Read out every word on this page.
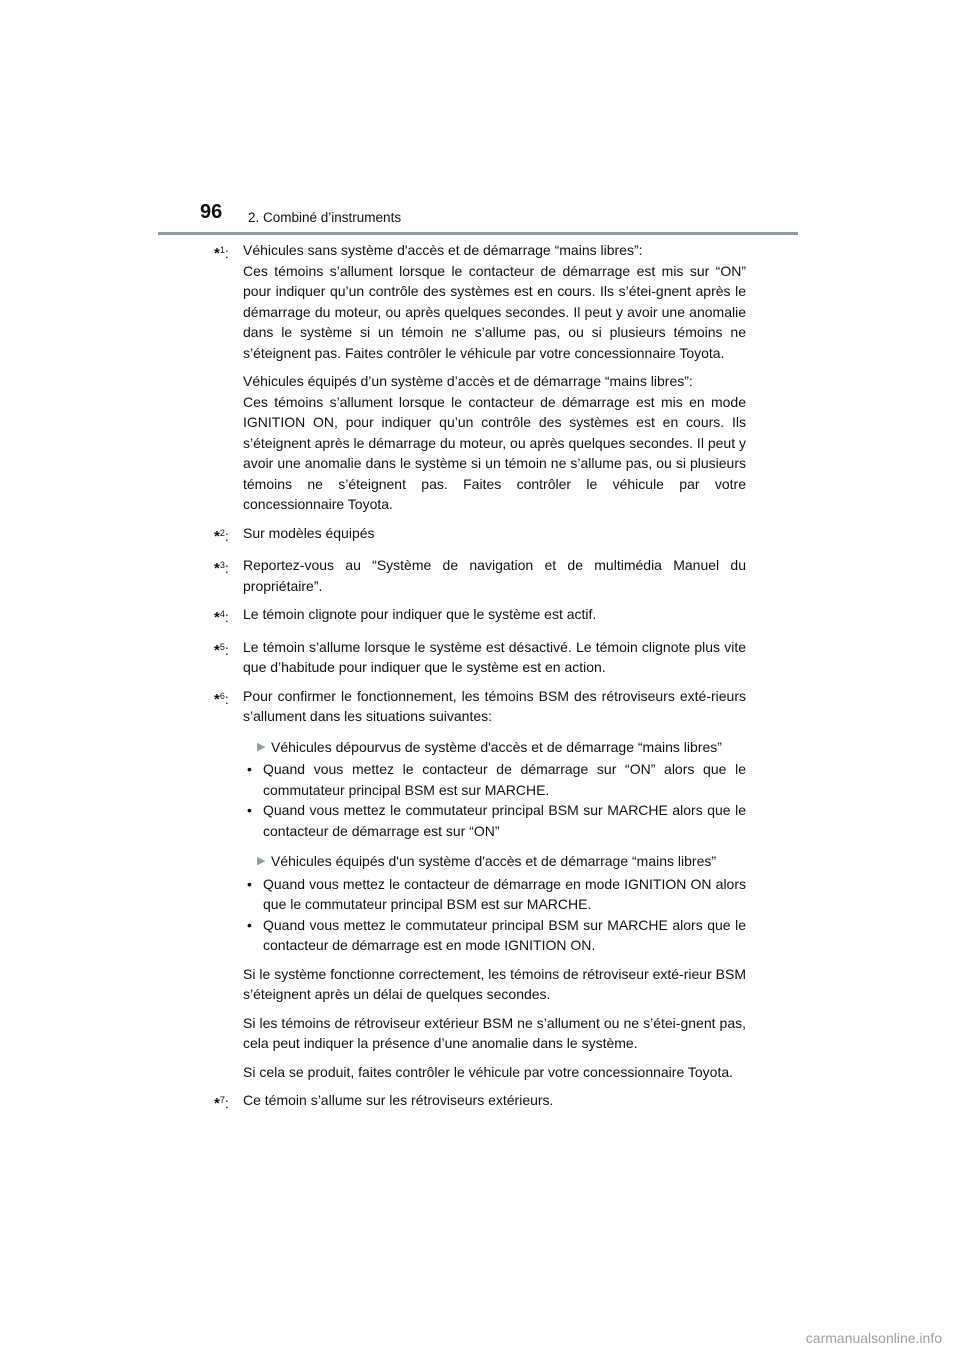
96 2. Combiné d’instruments
*$^1$:	Véhicules sans système d'accès et de démarrage “mains libres”:
Ces témoins s’allument lorsque le contacteur de démarrage est mis sur “ON” pour indiquer qu’un contrôle des systèmes est en cours. Ils s’étei-gnent après le démarrage du moteur, ou après quelques secondes. Il peut y avoir une anomalie dans le système si un témoin ne s’allume pas, ou si plusieurs témoins ne s’éteignent pas. Faites contrôler le véhicule par votre concessionnaire Toyota.

Véhicules équipés d’un système d’accès et de démarrage “mains libres”:
Ces témoins s’allument lorsque le contacteur de démarrage est mis en mode IGNITION ON, pour indiquer qu’un contrôle des systèmes est en cours. Ils s’éteignent après le démarrage du moteur, ou après quelques secondes. Il peut y avoir une anomalie dans le système si un témoin ne s’allume pas, ou si plusieurs témoins ne s’éteignent pas. Faites contrôler le véhicule par votre concessionnaire Toyota.

*$^2$:	Sur modèles équipés

*$^3$:	Reportez-vous au “Système de navigation et de multimédia Manuel du propriétaire”.

*$^4$:	Le témoin clignote pour indiquer que le système est actif.

*$^5$:	Le témoin s’allume lorsque le système est désactivé. Le témoin clignote plus vite que d’habitude pour indiquer que le système est en action.

*$^6$:	Pour confirmer le fonctionnement, les témoins BSM des rétroviseurs exté-rieurs s’allument dans les situations suivantes:

▶ Véhicules dépourvus de système d'accès et de démarrage “mains libres”
• Quand vous mettez le contacteur de démarrage sur “ON” alors que le commutateur principal BSM est sur MARCHE.
• Quand vous mettez le commutateur principal BSM sur MARCHE alors que le contacteur de démarrage est sur “ON”
▶ Véhicules équipés d'un système d'accès et de démarrage “mains libres”
• Quand vous mettez le contacteur de démarrage en mode IGNITION ON alors que le commutateur principal BSM est sur MARCHE.
• Quand vous mettez le commutateur principal BSM sur MARCHE alors que le contacteur de démarrage est en mode IGNITION ON.

Si le système fonctionne correctement, les témoins de rétroviseur exté-rieur BSM s’éteignent après un délai de quelques secondes.

Si les témoins de rétroviseur extérieur BSM ne s’allument ou ne s’étei-gnent pas, cela peut indiquer la présence d’une anomalie dans le système.

Si cela se produit, faites contrôler le véhicule par votre concessionnaire Toyota.

*$^7$:	Ce témoin s’allume sur les rétroviseurs extérieurs.

carmanualsonline.info
